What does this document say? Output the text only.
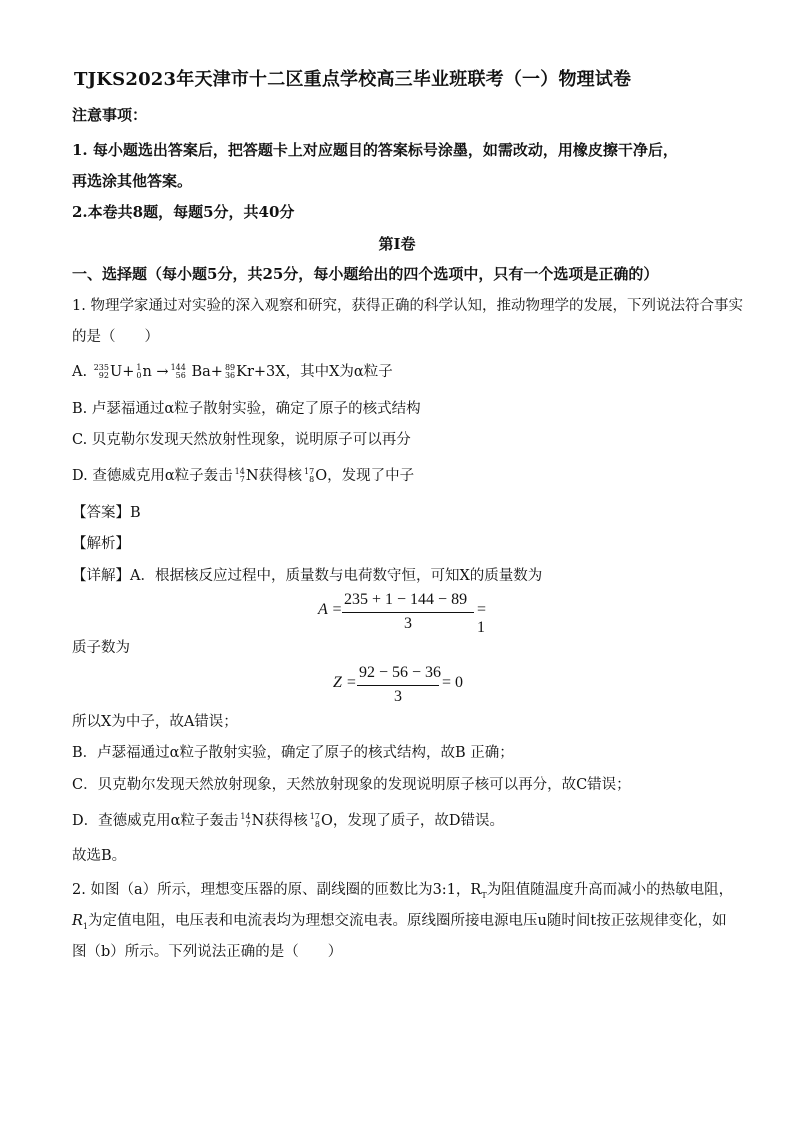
TJKS2023年天津市十二区重点学校高三毕业班联考（一）物理试卷
注意事项：
1. 每小题选出答案后，把答题卡上对应题目的答案标号涂墨，如需改动，用橡皮擦干净后，
再选涂其他答案。
2.本卷共8题，每题5分，共40分
第I卷
一、选择题（每小题5分，共25分，每小题给出的四个选项中，只有一个选项是正确的）
1. 物理学家通过对实验的深入观察和研究，获得正确的科学认知，推动物理学的发展，下列说法符合事实
的是（　　）
A. 235
92 U+ 1
0 n → 144
56 Ba+ 89
36 Kr+3X，其中X为α粒子
B. 卢瑟福通过α粒子散射实验，确定了原子的核式结构
C. 贝克勒尔发现天然放射性现象，说明原子可以再分
D. 查德威克用α粒子轰击 14
7 N获得核 17
8 O，发现了中子
【答案】B
【解析】
【详解】A．根据核反应过程中，质量数与电荷数守恒，可知X的质量数为
A =
235 + 1 − 144 − 89
3
= 1
质子数为
Z =
92 − 56 − 36
3
= 0
所以X为中子，故A错误；
B．卢瑟福通过α粒子散射实验，确定了原子的核式结构，故B 正确；
C．贝克勒尔发现天然放射现象，天然放射现象的发现说明原子核可以再分，故C错误；
D．查德威克用α粒子轰击 14
7 N获得核 17
8 O，发现了质子，故D错误。
故选B。
2. 如图（a）所示，理想变压器的原、副线圈的匝数比为3:1，$R_T$为阻值随温度升高而减小的热敏电阻，
$R_1$为定值电阻，电压表和电流表均为理想交流电表。原线圈所接电源电压u随时间t按正弦规律变化，如
图（b）所示。下列说法正确的是（　　）
